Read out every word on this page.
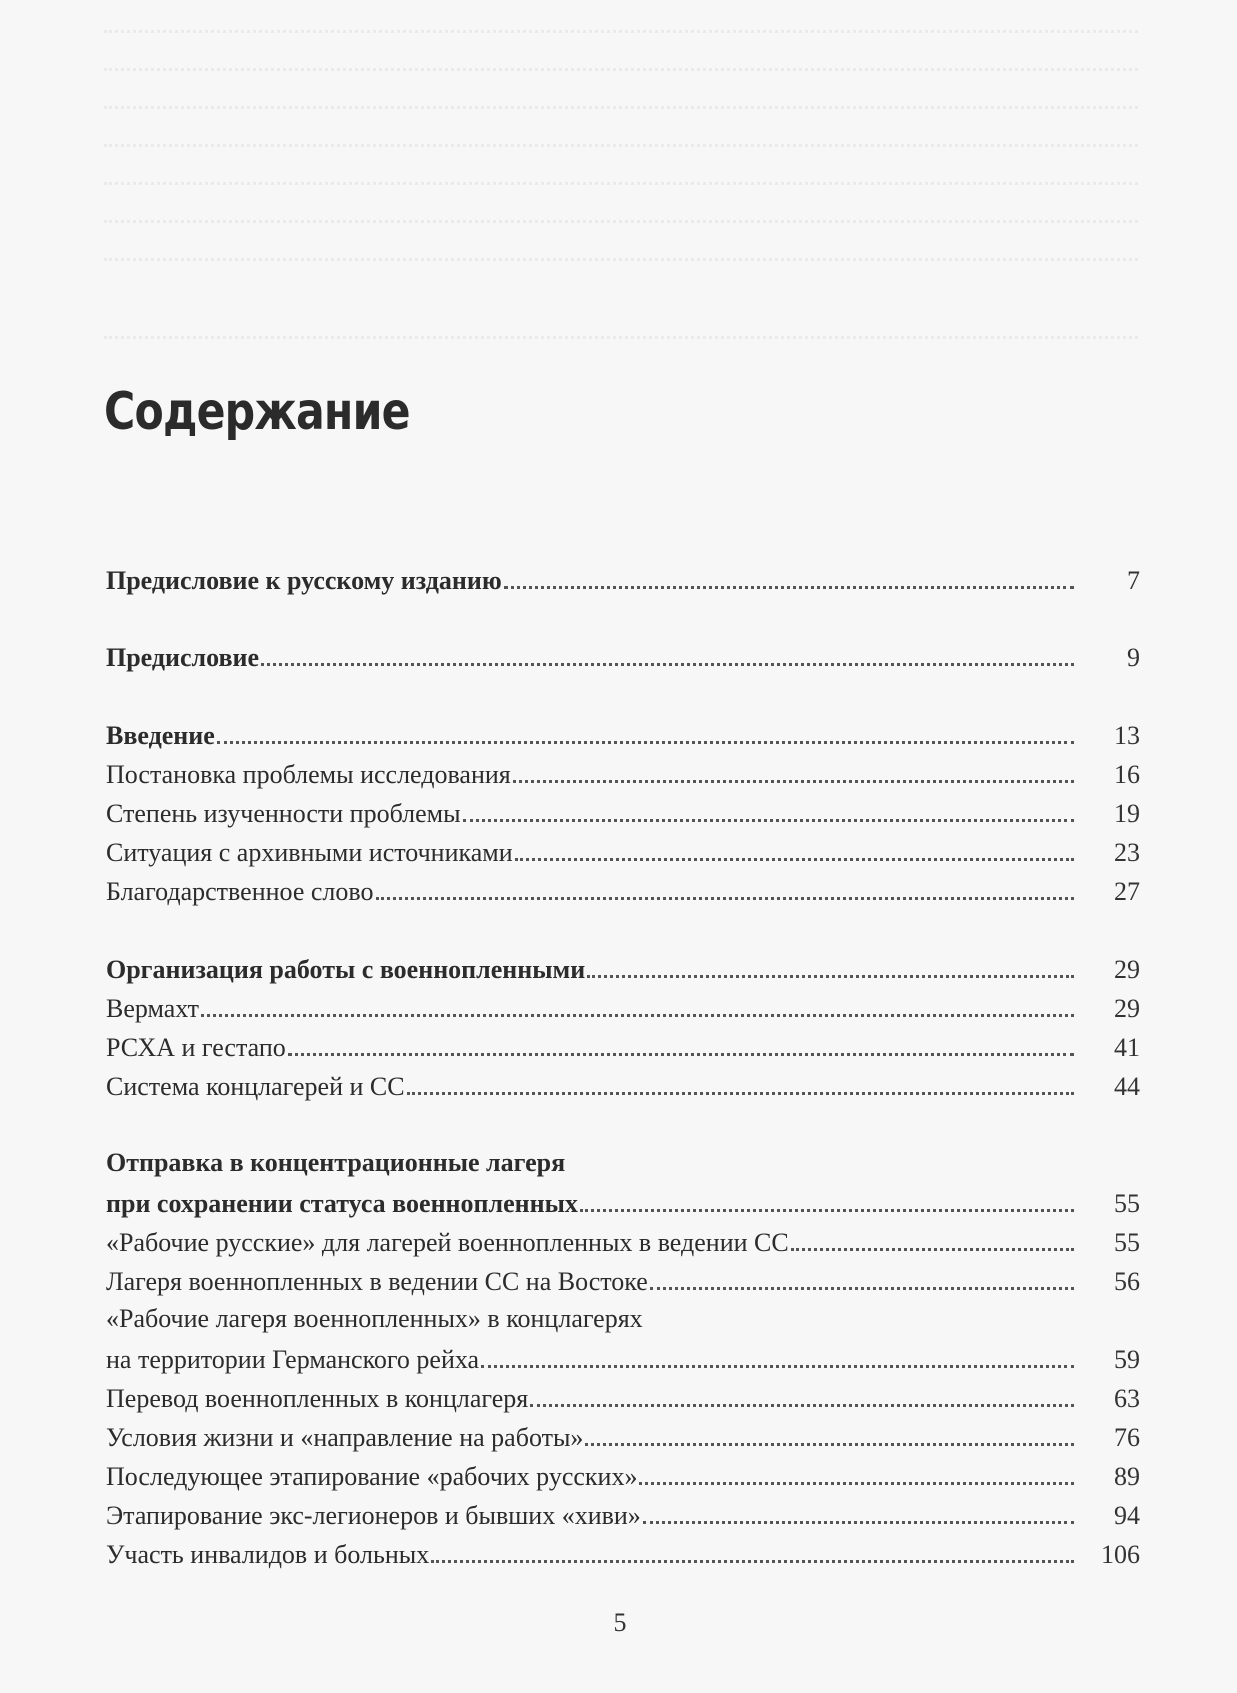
Содержание
Предисловие к русскому изданию	7
Предисловие	9
Введение	13
Постановка проблемы исследования	16
Степень изученности проблемы	19
Ситуация с архивными источниками	23
Благодарственное слово	27
Организация работы с военнопленными	29
Вермахт	29
РСХА и гестапо	41
Система концлагерей и СС	44
Отправка в концентрационные лагеря
при сохранении статуса военнопленных	55
«Рабочие русские» для лагерей военнопленных в ведении СС	55
Лагеря военнопленных в ведении СС на Востоке	56
«Рабочие лагеря военнопленных» в концлагерях
на территории Германского рейха	59
Перевод военнопленных в концлагеря	63
Условия жизни и «направление на работы»	76
Последующее этапирование «рабочих русских»	89
Этапирование экс-легионеров и бывших «хиви»	94
Участь инвалидов и больных	106
5
